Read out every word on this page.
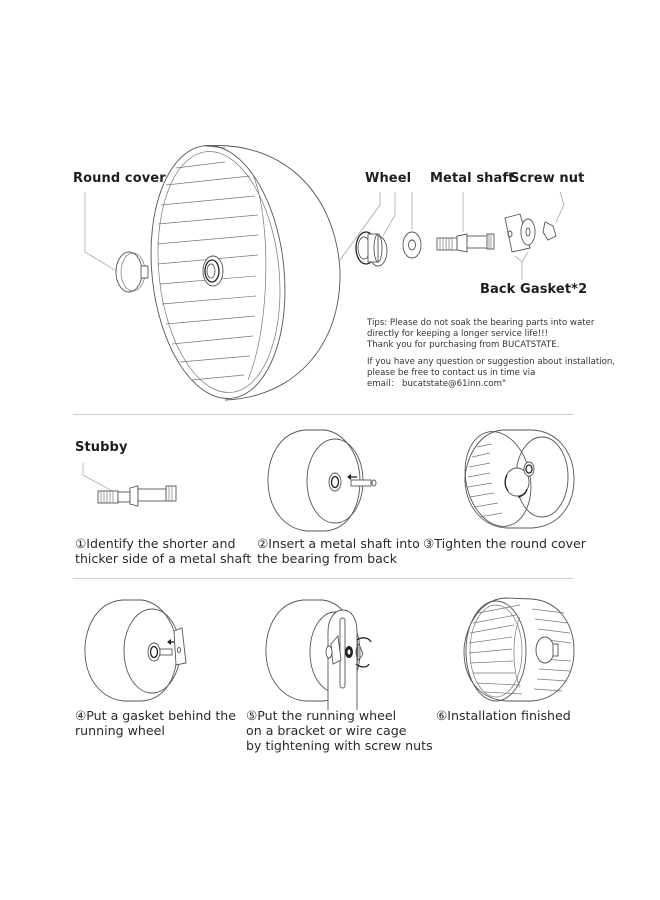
Round cover	Wheel Metal shaft
Screw nut
Back Gasket*2

Tips: Please do not soak the bearing parts into water

directly for keeping a longer service life!!!

Thank you for purchasing from BUCATSTATE.

If you have any question or suggestion about installation,

please be free to contact us in time via

email： bucatstate@61inn.com"

Stubby
①Identify the shorter and
thicker side of a metal shaft
②Insert a metal shaft into
the bearing from back
③Tighten the round cover
④Put a gasket behind the
running wheel
⑤Put the running wheel
on a bracket or wire cage
by tightening with screw nuts
⑥Installation finished
